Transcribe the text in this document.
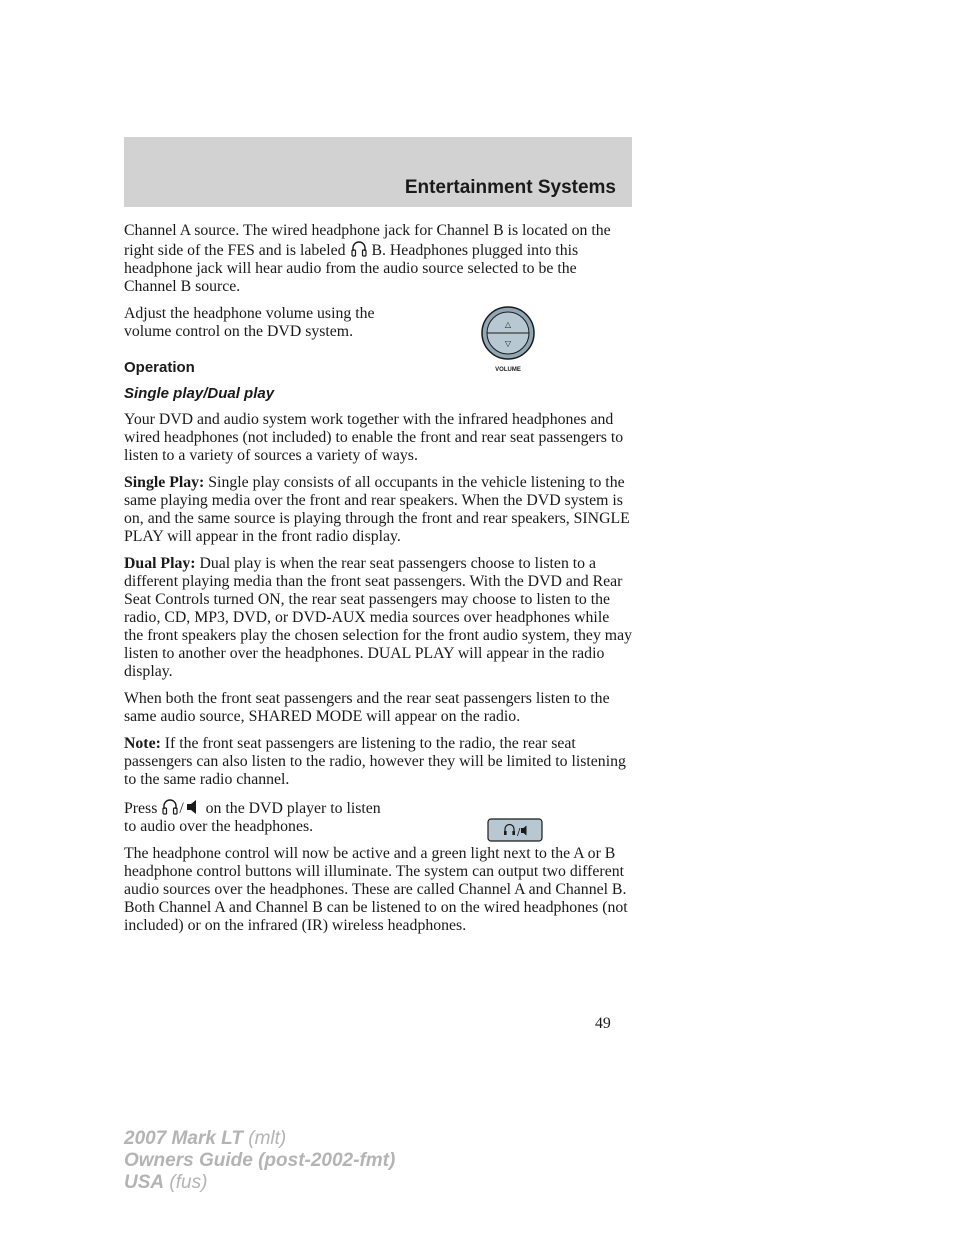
Entertainment Systems

Channel A source. The wired headphone jack for Channel B is located on the right side of the FES and is labeled B. Headphones plugged into this headphone jack will hear audio from the audio source selected to be the Channel B source.

Adjust the headphone volume using the volume control on the DVD system.	△
▽
VOLUME
Operation
Single play/Dual play

Your DVD and audio system work together with the infrared headphones and wired headphones (not included) to enable the front and rear seat passengers to listen to a variety of sources a variety of ways.

Single Play: Single play consists of all occupants in the vehicle listening to the same playing media over the front and rear speakers. When the DVD system is on, and the same source is playing through the front and rear speakers, SINGLE PLAY will appear in the front radio display.

Dual Play: Dual play is when the rear seat passengers choose to listen to a different playing media than the front seat passengers. With the DVD and Rear Seat Controls turned ON, the rear seat passengers may choose to listen to the radio, CD, MP3, DVD, or DVD-AUX media sources over headphones while the front speakers play the chosen selection for the front audio system, they may listen to another over the headphones. DUAL PLAY will appear in the radio display.

When both the front seat passengers and the rear seat passengers listen to the same audio source, SHARED MODE will appear on the radio.

Note: If the front seat passengers are listening to the radio, the rear seat passengers can also listen to the radio, however they will be limited to listening to the same radio channel.

Press / on the DVD player to listen to audio over the headphones.	/

The headphone control will now be active and a green light next to the A or B headphone control buttons will illuminate. The system can output two different audio sources over the headphones. These are called Channel A and Channel B. Both Channel A and Channel B can be listened to on the wired headphones (not included) or on the infrared (IR) wireless headphones.

49
2007 Mark LT (mlt)
Owners Guide (post-2002-fmt)
USA (fus)
